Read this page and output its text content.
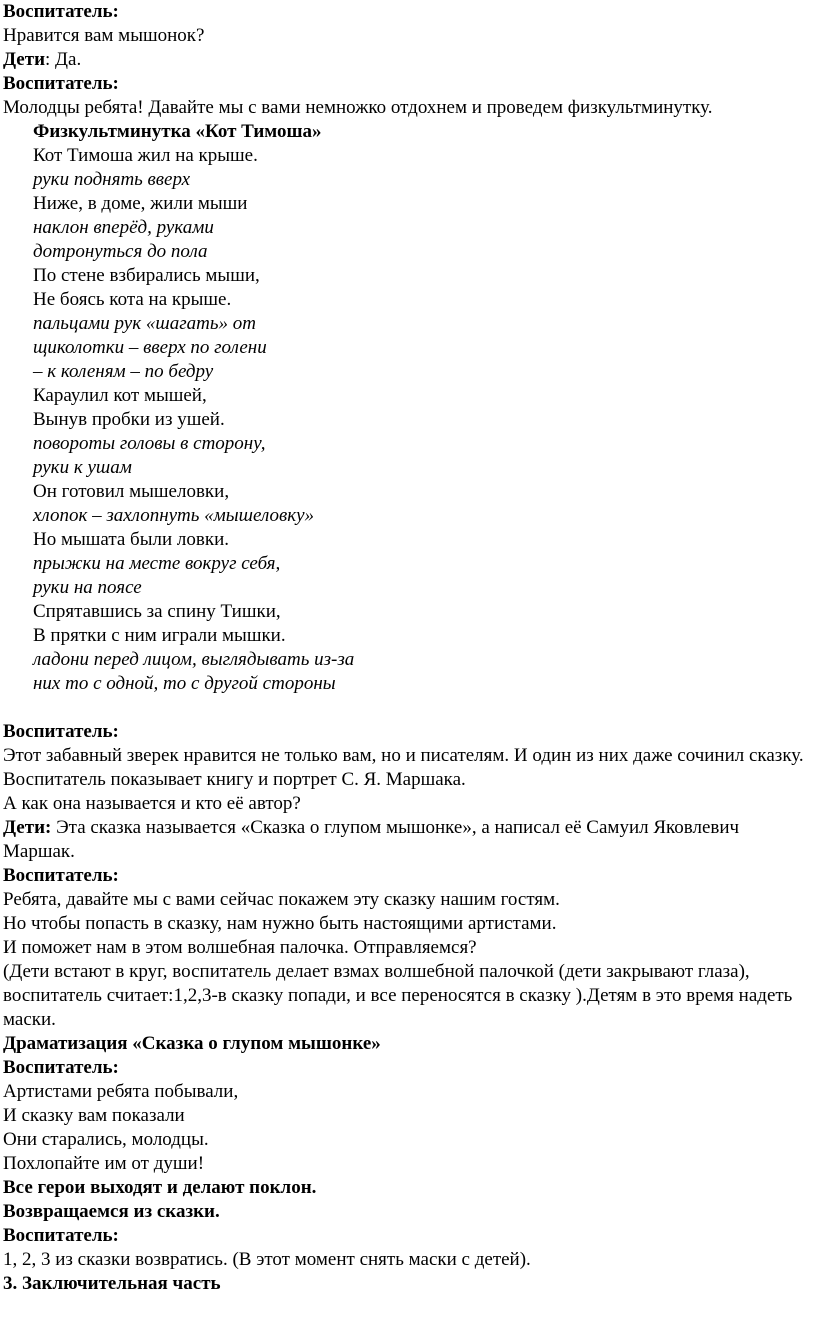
Воспитатель:
Нравится вам мышонок?
Дети: Да.
Воспитатель:
Молодцы ребята! Давайте мы с вами немножко отдохнем и проведем физкультминутку.
Физкультминутка «Кот Тимоша»
Кот Тимоша жил на крыше.
руки поднять вверх
Ниже, в доме, жили мыши
наклон вперёд, руками
дотронуться до пола
По стене взбирались мыши,
Не боясь кота на крыше.
пальцами рук «шагать» от
щиколотки – вверх по голени
– к коленям – по бедру
Караулил кот мышей,
Вынув пробки из ушей.
повороты головы в сторону,
руки к ушам
Он готовил мышеловки,
хлопок – захлопнуть «мышеловку»
Но мышата были ловки.
прыжки на месте вокруг себя,
руки на поясе
Спрятавшись за спину Тишки,
В прятки с ним играли мышки.
ладони перед лицом, выглядывать из-за
них то с одной, то с другой стороны
Воспитатель:
Этот забавный зверек нравится не только вам, но и писателям. И один из них даже сочинил сказку.
Воспитатель показывает книгу и портрет С. Я. Маршака.
А как она называется и кто её автор?
Дети: Эта сказка называется «Сказка о глупом мышонке», а написал её Самуил Яковлевич Маршак.
Воспитатель:
Ребята, давайте мы с вами сейчас покажем эту сказку нашим гостям.
Но чтобы попасть в сказку, нам нужно быть настоящими артистами.
И поможет нам в этом волшебная палочка. Отправляемся?
(Дети встают в круг, воспитатель делает взмах волшебной палочкой (дети закрывают глаза), воспитатель считает:1,2,3-в сказку попади, и все переносятся в сказку ).Детям в это время надеть маски.
Драматизация «Сказка о глупом мышонке»
Воспитатель:
Артистами ребята побывали,
И сказку вам показали
Они старались, молодцы.
Похлопайте им от души!
Все герои выходят и делают поклон.
Возвращаемся из сказки.
Воспитатель:
1, 2, 3 из сказки возвратись. (В этот момент снять маски с детей).
3. Заключительная часть
